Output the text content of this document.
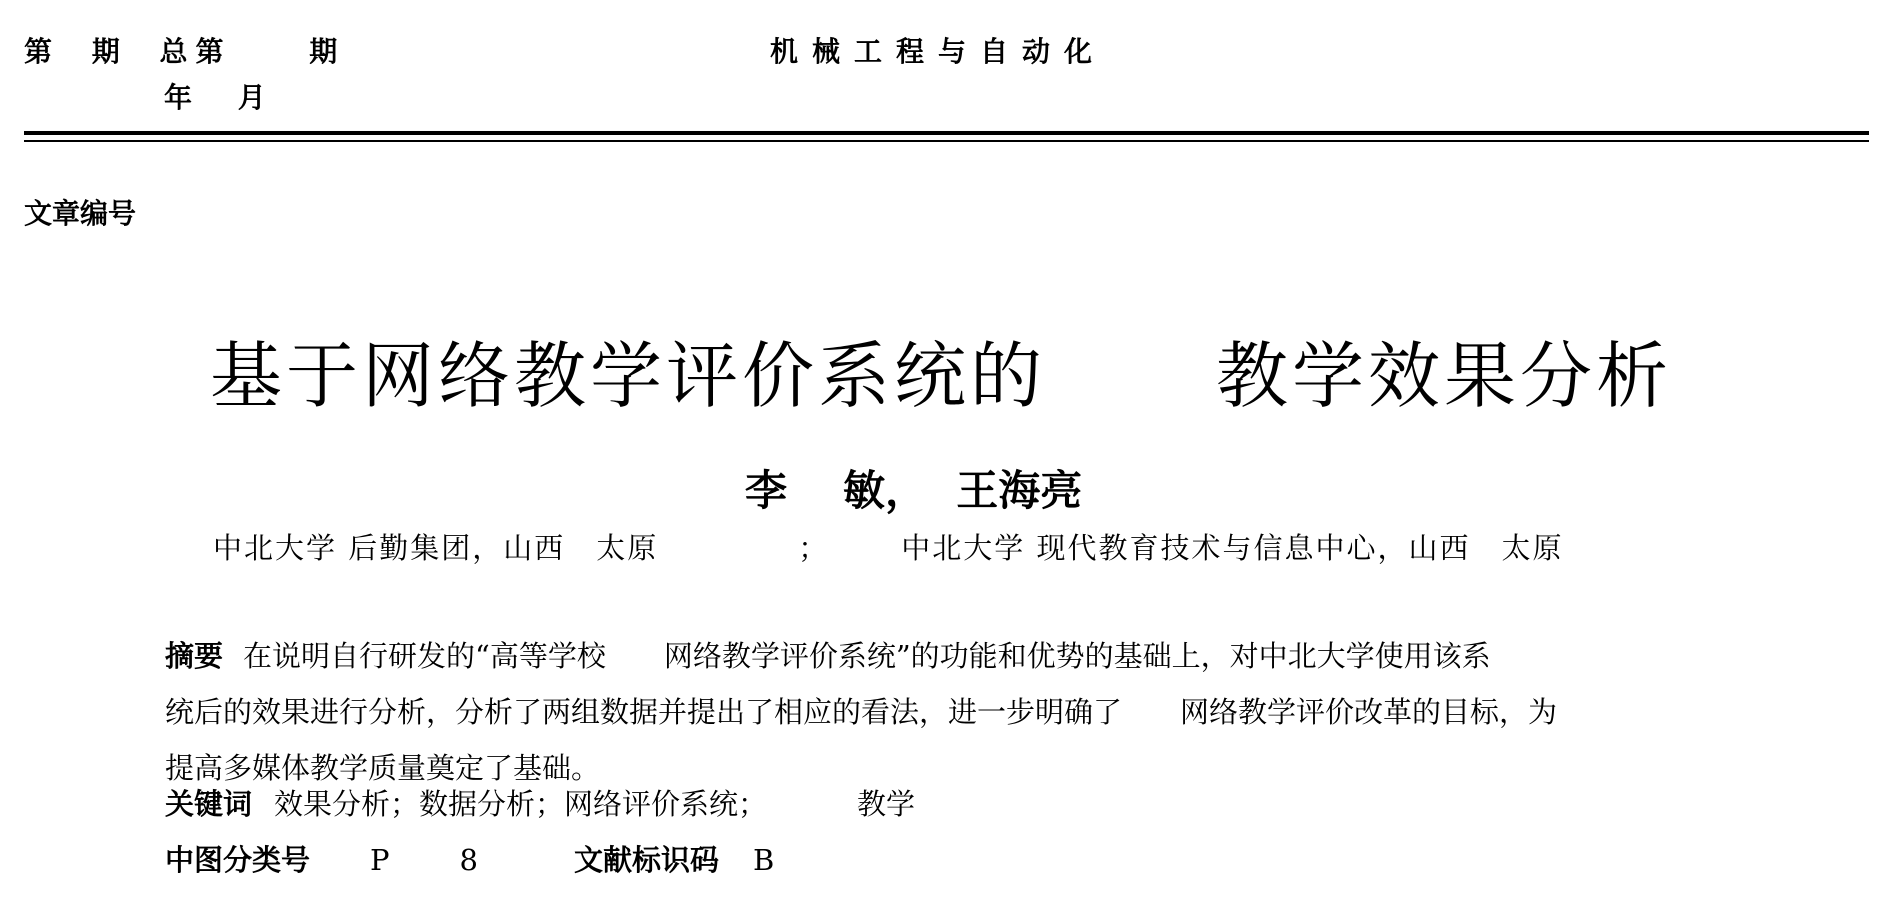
第 期 总第	期
年 月
机械工程与自动化
文章编号
基于网络教学评价系统的 教学效果分析
李 敏， 王海亮
中北大学 后勤集团，山西　太原	； 中北大学 现代教育技术与信息中心，山西　太原
摘要 在说明自行研发的“高等学校　　网络教学评价系统”的功能和优势的基础上，对中北大学使用该系
统后的效果进行分析，分析了两组数据并提出了相应的看法，进一步明确了　　网络教学评价改革的目标，为
提高多媒体教学质量奠定了基础。
关键词 效果分析；数据分析；网络评价系统；	教学
中图分类号 P 8	文献标识码 B
